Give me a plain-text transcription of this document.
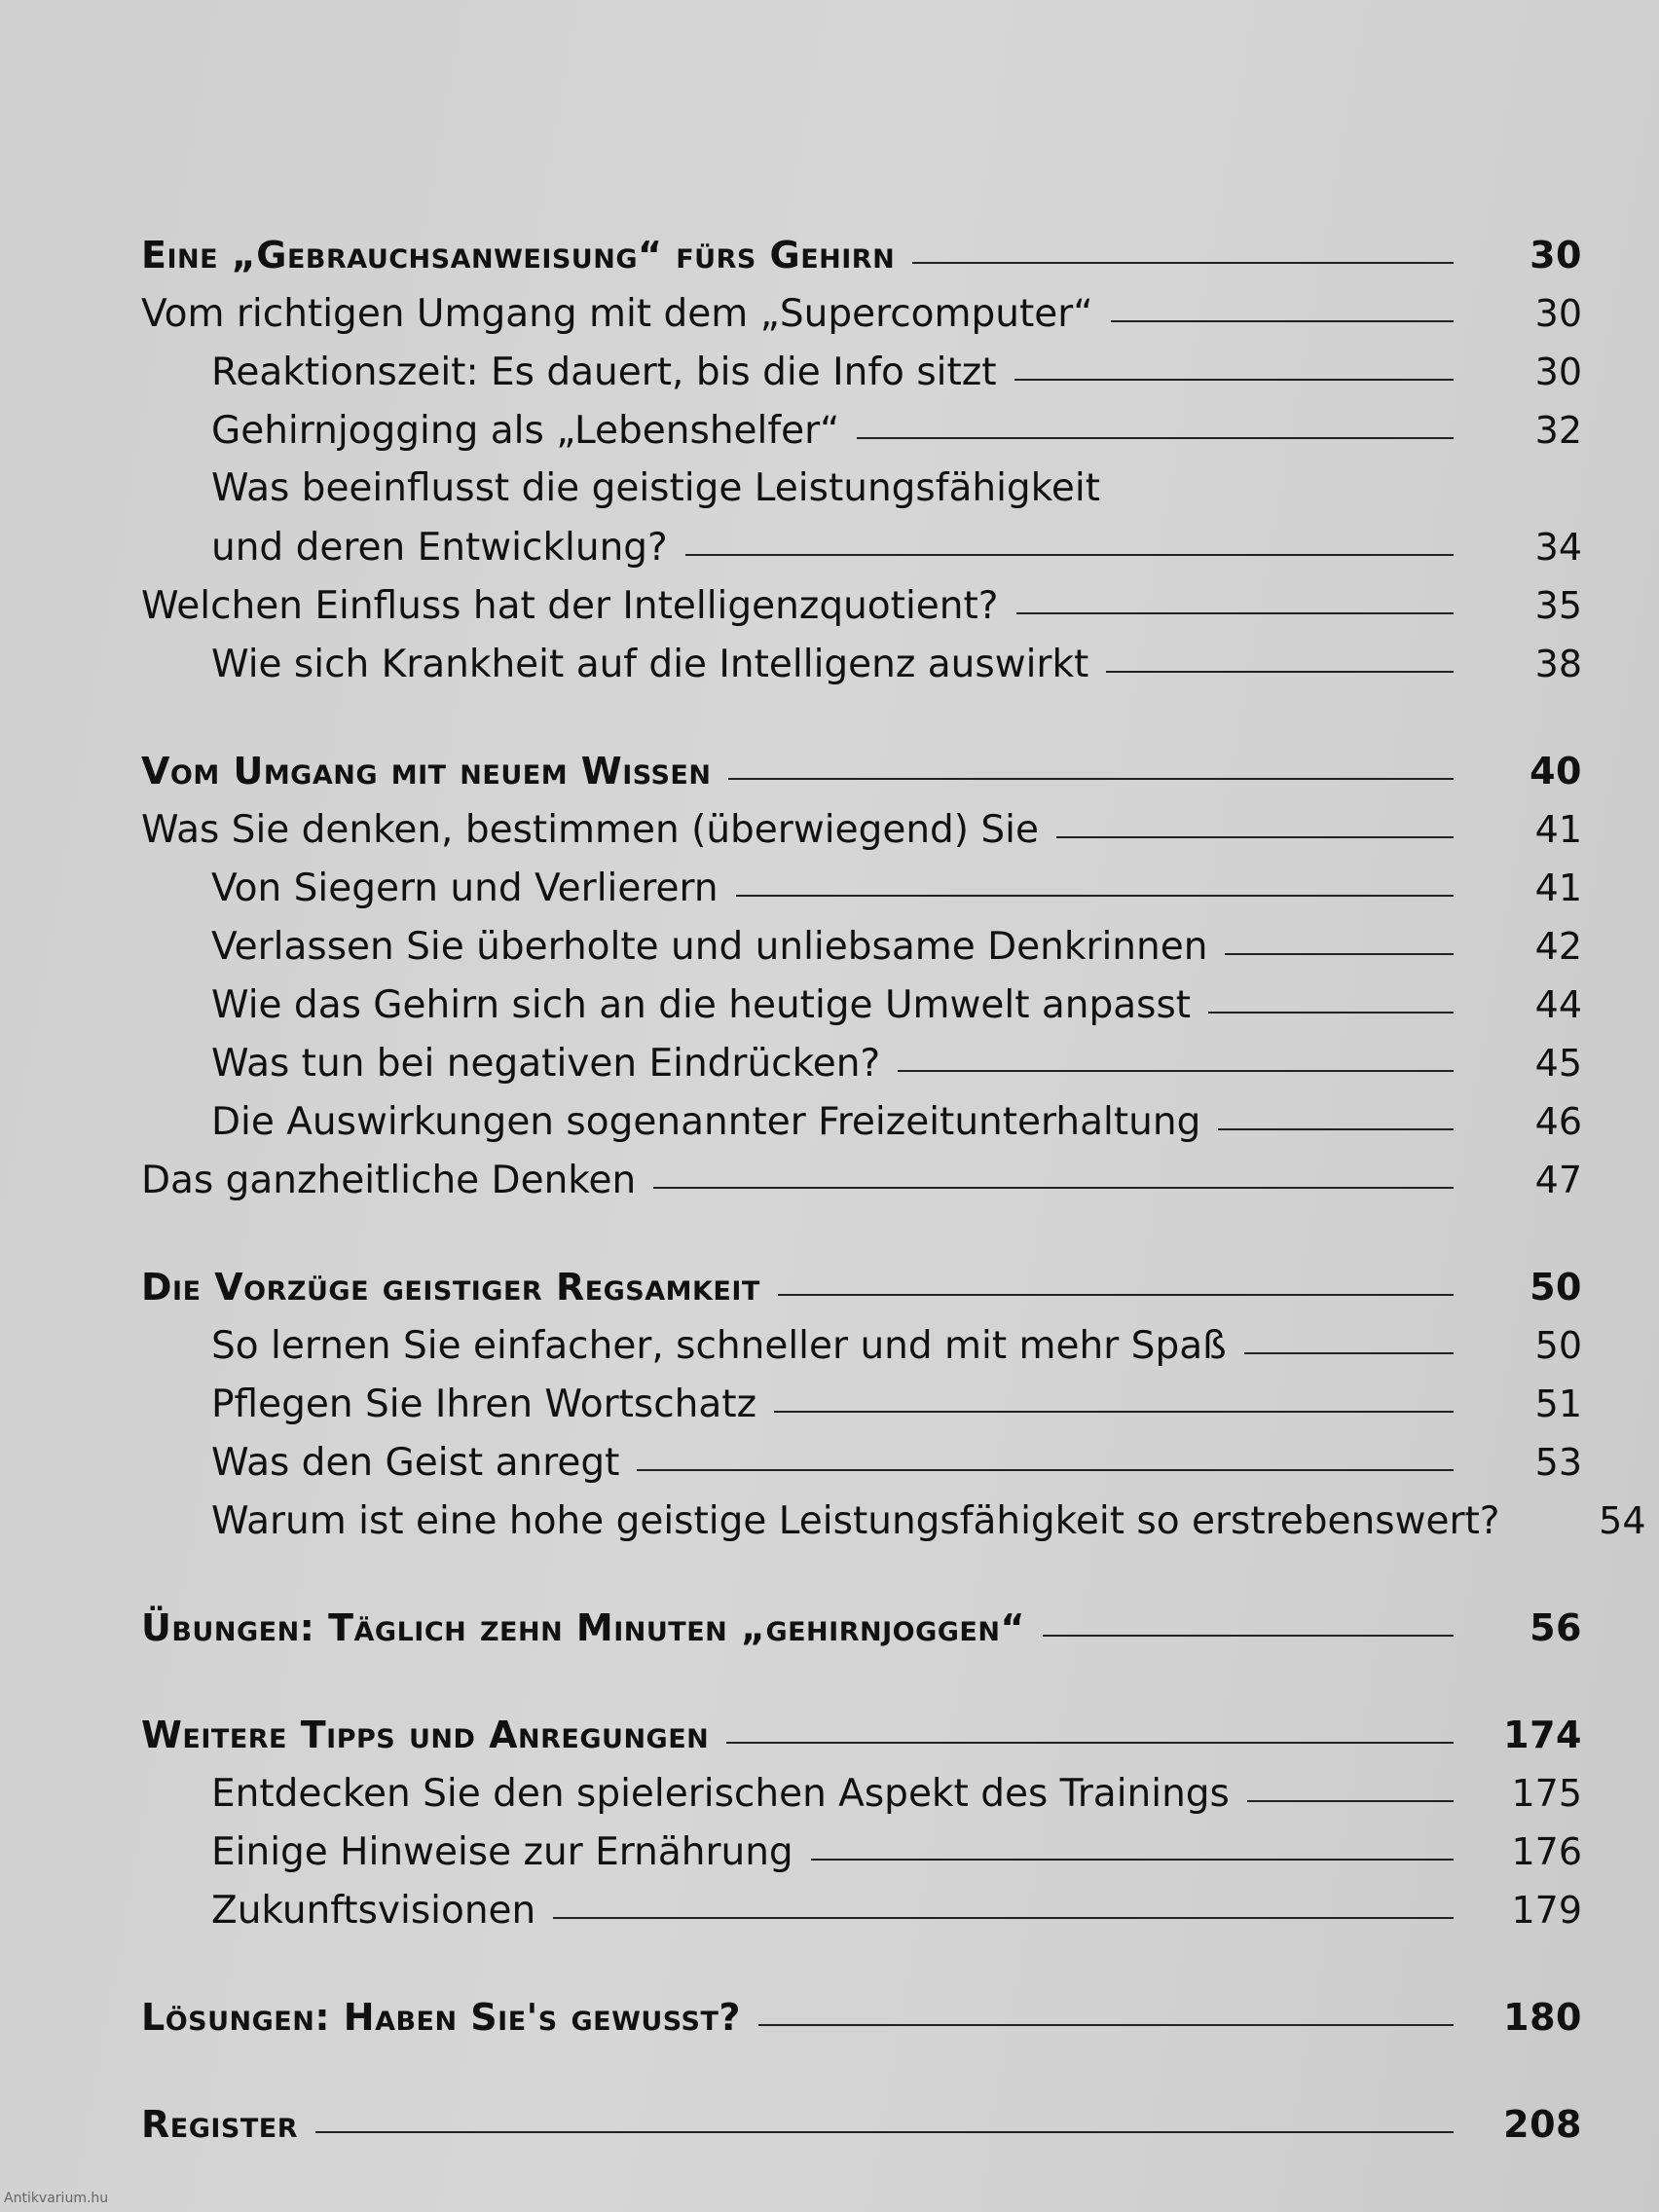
Eine „Gebrauchsanweisung“ fürs Gehirn	30
Vom richtigen Umgang mit dem „Supercomputer“	30
Reaktionszeit: Es dauert, bis die Info sitzt	30
Gehirnjogging als „Lebenshelfer“	32
Was beeinflusst die geistige Leistungsfähigkeit
und deren Entwicklung?	34
Welchen Einfluss hat der Intelligenzquotient?	35
Wie sich Krankheit auf die Intelligenz auswirkt	38
Vom Umgang mit neuem Wissen	40
Was Sie denken, bestimmen (überwiegend) Sie	41
Von Siegern und Verlierern	41
Verlassen Sie überholte und unliebsame Denkrinnen	42
Wie das Gehirn sich an die heutige Umwelt anpasst	44
Was tun bei negativen Eindrücken?	45
Die Auswirkungen sogenannter Freizeitunterhaltung	46
Das ganzheitliche Denken	47
Die Vorzüge geistiger Regsamkeit	50
So lernen Sie einfacher, schneller und mit mehr Spaß	50
Pflegen Sie Ihren Wortschatz	51
Was den Geist anregt	53
Warum ist eine hohe geistige Leistungsfähigkeit so erstrebenswert?	54
Übungen: Täglich zehn Minuten „gehirnjoggen“	56
Weitere Tipps und Anregungen	174
Entdecken Sie den spielerischen Aspekt des Trainings	175
Einige Hinweise zur Ernährung	176
Zukunftsvisionen	179
Lösungen: Haben Sie's gewusst?	180
Register	208
Antikvarium.hu
